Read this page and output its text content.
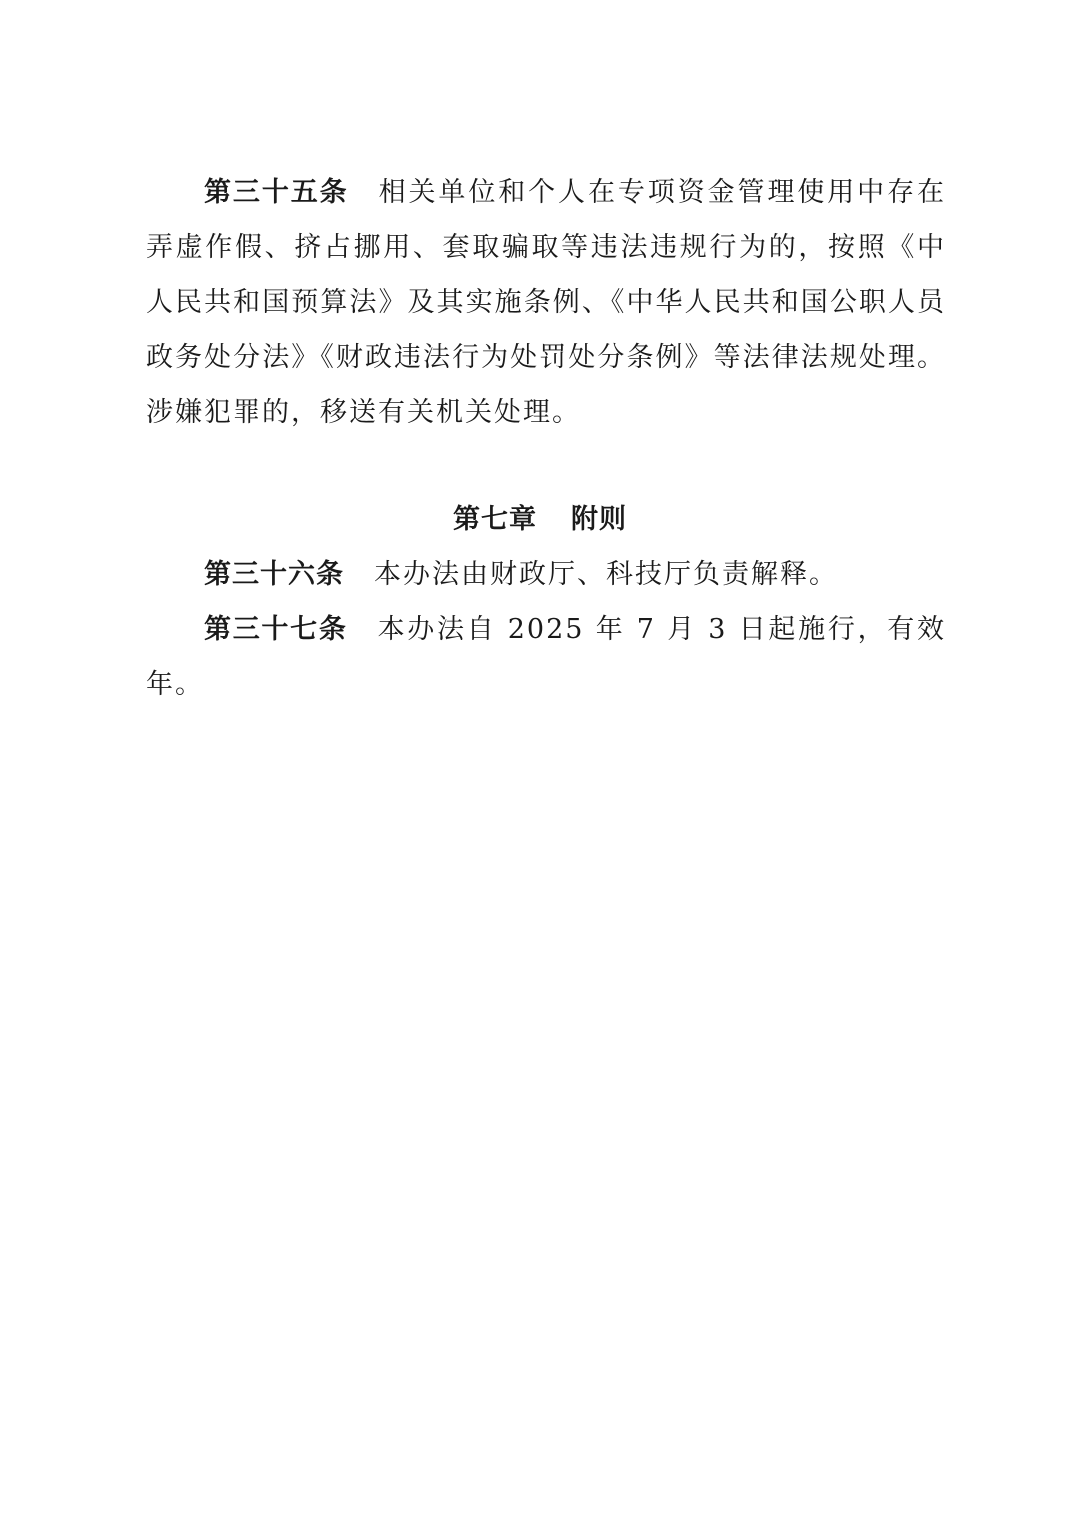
第三十五条 相关单位和个人在专项资金管理使用中存在
弄虚作假、挤占挪用、套取骗取等违法违规行为的，按照《中
人民共和国预算法》及其实施条例、《中华人民共和国公职人员
政务处分法》《财政违法行为处罚处分条例》等法律法规处理。
涉嫌犯罪的，移送有关机关处理。
第七章 附则
第三十六条 本办法由财政厅、科技厅负责解释。
第三十七条 本办法自 2025 年 7 月 3 日起施行，有效
年。
